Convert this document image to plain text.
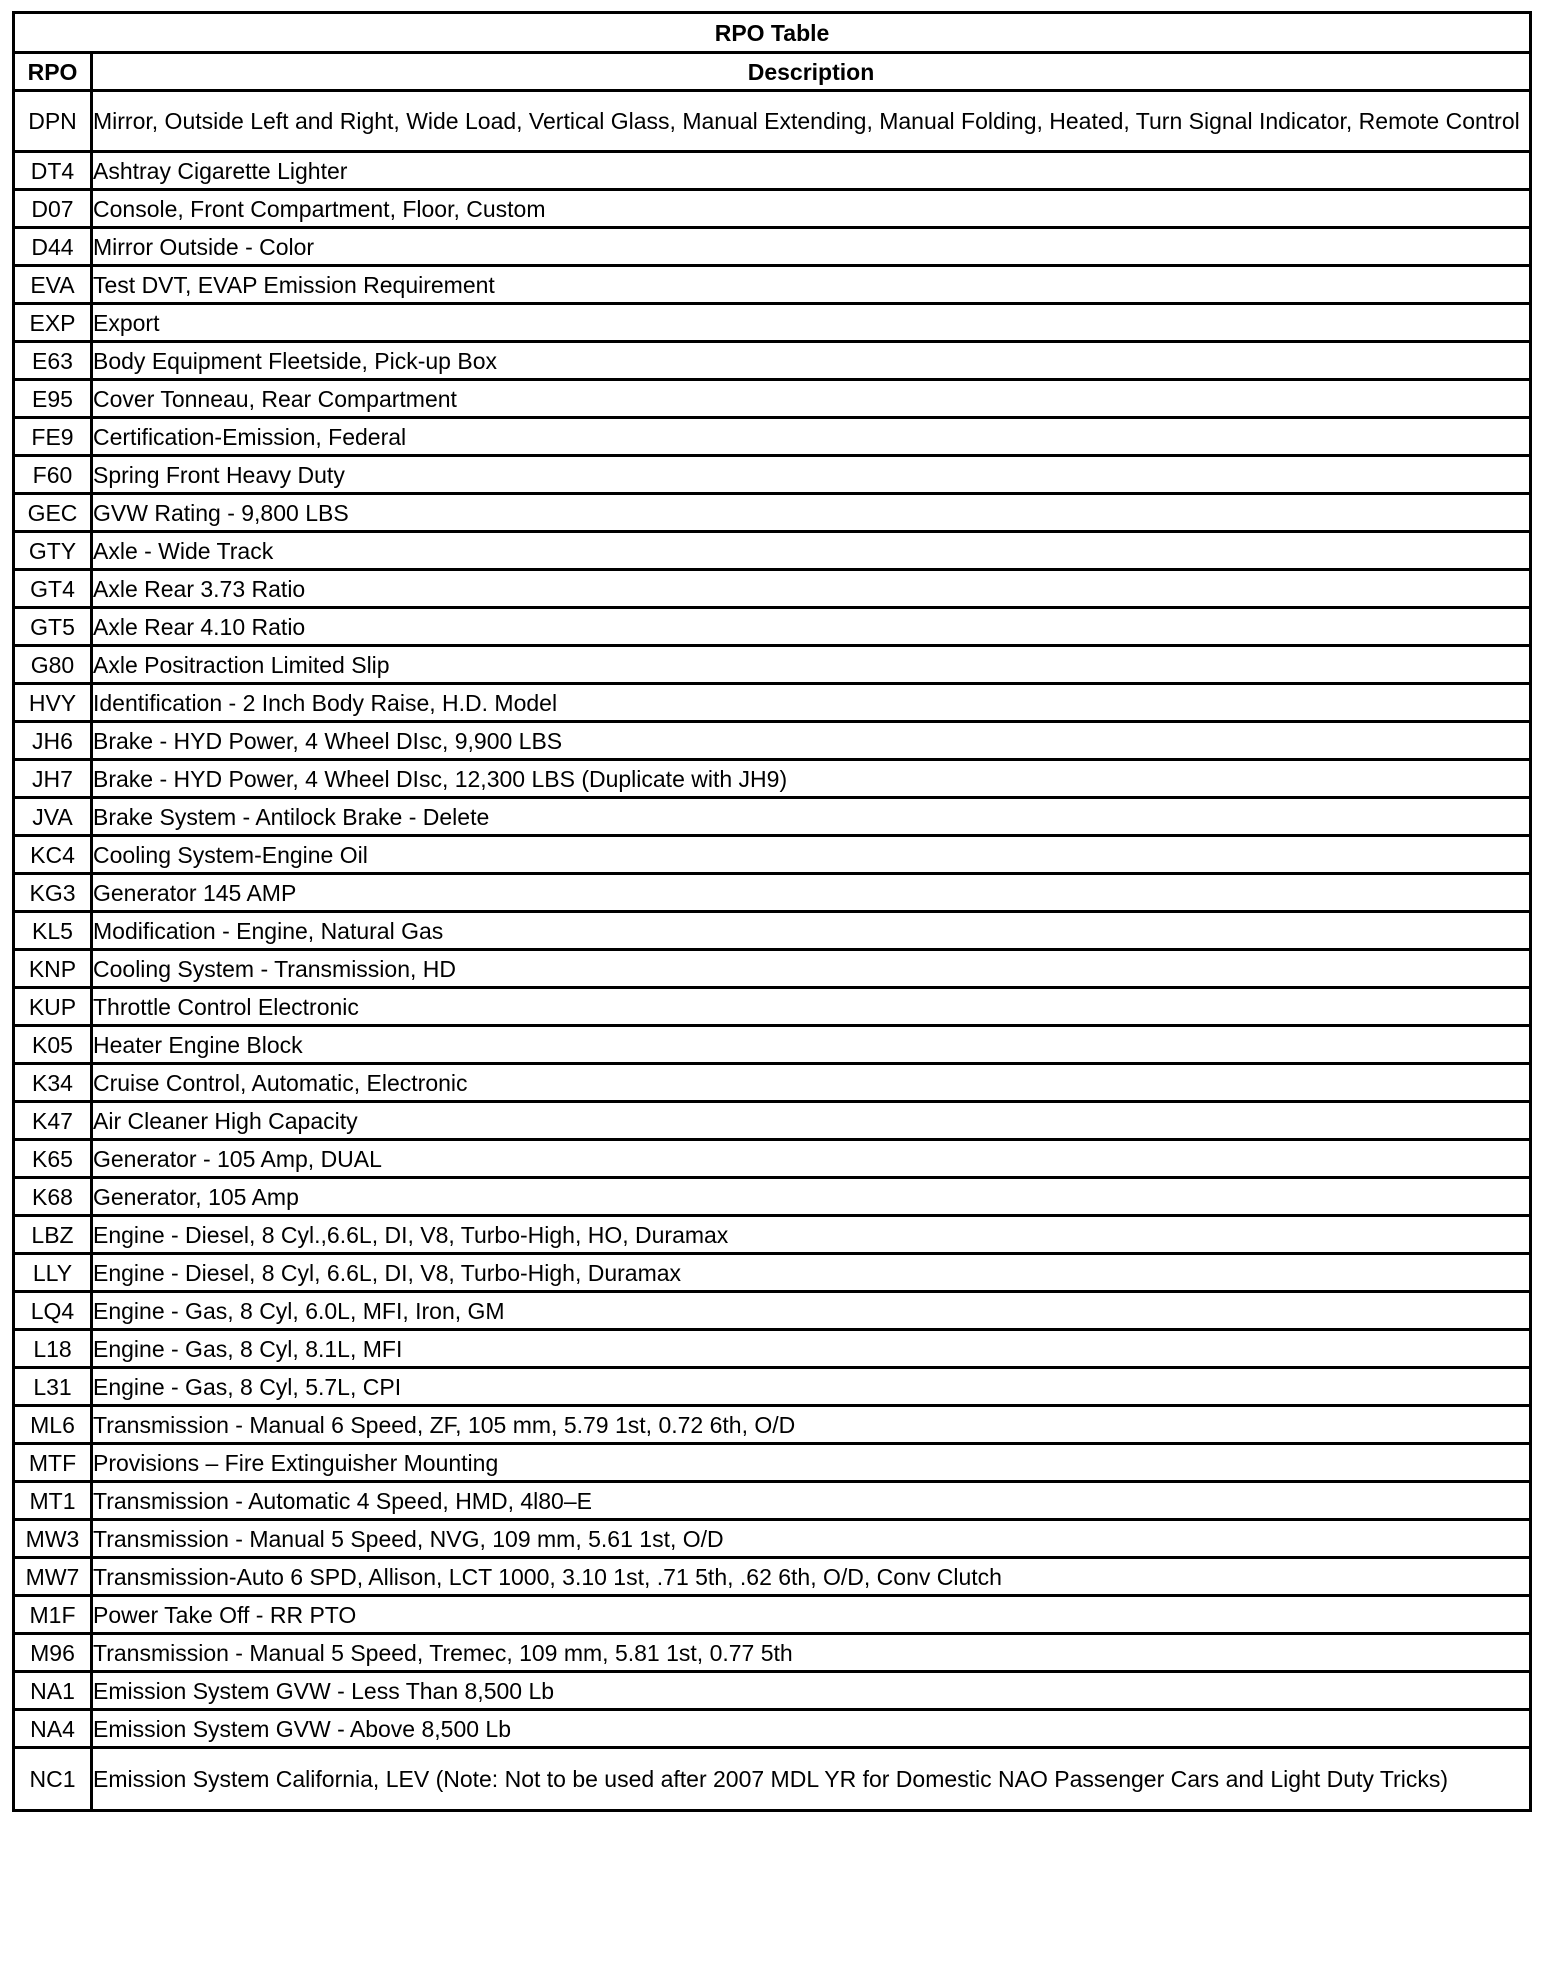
RPO Table	
RPO	Description
DPN	Mirror, Outside Left and Right, Wide Load, Vertical Glass, Manual Extending, Manual Folding, Heated, Turn Signal Indicator, Remote Control
DT4	Ashtray Cigarette Lighter
D07	Console, Front Compartment, Floor, Custom
D44	Mirror Outside - Color
EVA	Test DVT, EVAP Emission Requirement
EXP	Export
E63	Body Equipment Fleetside, Pick-up Box
E95	Cover Tonneau, Rear Compartment
FE9	Certification-Emission, Federal
F60	Spring Front Heavy Duty
GEC	GVW Rating - 9,800 LBS
GTY	Axle - Wide Track
GT4	Axle Rear 3.73 Ratio
GT5	Axle Rear 4.10 Ratio
G80	Axle Positraction Limited Slip
HVY	Identification - 2 Inch Body Raise, H.D. Model
JH6	Brake - HYD Power, 4 Wheel DIsc, 9,900 LBS
JH7	Brake - HYD Power, 4 Wheel DIsc, 12,300 LBS (Duplicate with JH9)
JVA	Brake System - Antilock Brake - Delete
KC4	Cooling System-Engine Oil
KG3	Generator 145 AMP
KL5	Modification - Engine, Natural Gas
KNP	Cooling System - Transmission, HD
KUP	Throttle Control Electronic
K05	Heater Engine Block
K34	Cruise Control, Automatic, Electronic
K47	Air Cleaner High Capacity
K65	Generator - 105 Amp, DUAL
K68	Generator, 105 Amp
LBZ	Engine - Diesel, 8 Cyl.,6.6L, DI, V8, Turbo-High, HO, Duramax
LLY	Engine - Diesel, 8 Cyl, 6.6L, DI, V8, Turbo-High, Duramax
LQ4	Engine - Gas, 8 Cyl, 6.0L, MFI, Iron, GM
L18	Engine - Gas, 8 Cyl, 8.1L, MFI
L31	Engine - Gas, 8 Cyl, 5.7L, CPI
ML6	Transmission - Manual 6 Speed, ZF, 105 mm, 5.79 1st, 0.72 6th, O/D
MTF	Provisions – Fire Extinguisher Mounting
MT1	Transmission - Automatic 4 Speed, HMD, 4l80–E
MW3	Transmission - Manual 5 Speed, NVG, 109 mm, 5.61 1st, O/D
MW7	Transmission-Auto 6 SPD, Allison, LCT 1000, 3.10 1st, .71 5th, .62 6th, O/D, Conv Clutch
M1F	Power Take Off - RR PTO
M96	Transmission - Manual 5 Speed, Tremec, 109 mm, 5.81 1st, 0.77 5th
NA1	Emission System GVW - Less Than 8,500 Lb
NA4	Emission System GVW - Above 8,500 Lb
NC1	Emission System California, LEV (Note: Not to be used after 2007 MDL YR for Domestic NAO Passenger Cars and Light Duty Tricks)
